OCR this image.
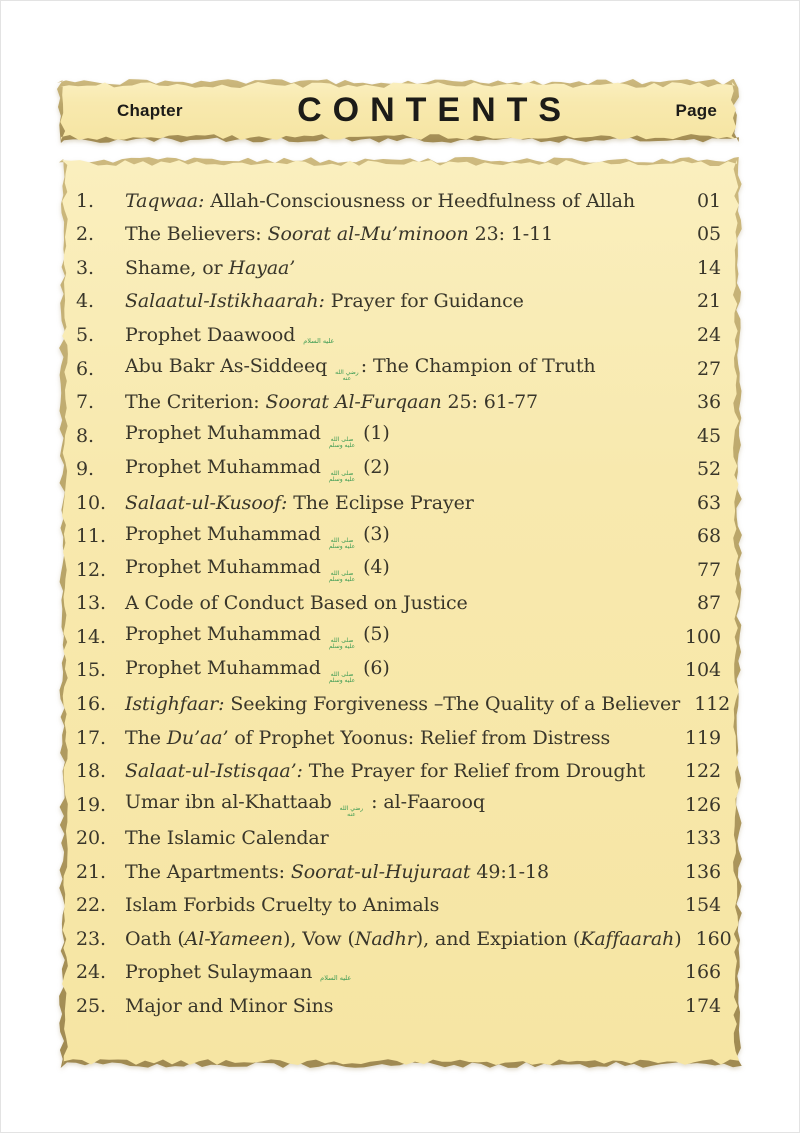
Chapter	CONTENTS	Page
1.	Taqwaa: Allah-Consciousness or Heedfulness of Allah	01
2.	The Believers: Soorat al-Mu’minoon 23: 1-11	05
3.	Shame, or Hayaa’	14
4.	Salaatul-Istikhaarah: Prayer for Guidance	21
5.	Prophet Daawood عليه السلام	24
6.	Abu Bakr As-Siddeeq رضي الله
عنه
: The Champion of Truth	27
7.	The Criterion: Soorat Al-Furqaan 25: 61-77	36
8.	Prophet Muhammad صلى الله
عليه وسلم
(1)	45
9.	Prophet Muhammad صلى الله
عليه وسلم
(2)	52
10.	Salaat-ul-Kusoof: The Eclipse Prayer	63
11.	Prophet Muhammad صلى الله
عليه وسلم
(3)	68
12.	Prophet Muhammad صلى الله
عليه وسلم
(4)	77
13.	A Code of Conduct Based on Justice	87
14.	Prophet Muhammad صلى الله
عليه وسلم
(5)	100
15.	Prophet Muhammad صلى الله
عليه وسلم
(6)	104
16.	Istighfaar: Seeking Forgiveness –The Quality of a Believer 112
17.	The Du’aa’ of Prophet Yoonus: Relief from Distress	119
18.	Salaat-ul-Istisqaa’: The Prayer for Relief from Drought	122
19.	Umar ibn al-Khattaab رضي الله
عنه
: al-Faarooq	126
20.	The Islamic Calendar	133
21.	The Apartments: Soorat-ul-Hujuraat 49:1-18	136
22.	Islam Forbids Cruelty to Animals	154
23.	Oath (Al-Yameen), Vow (Nadhr), and Expiation (Kaffaarah) 160
24.	Prophet Sulaymaan عليه السلام	166
25.	Major and Minor Sins	174
